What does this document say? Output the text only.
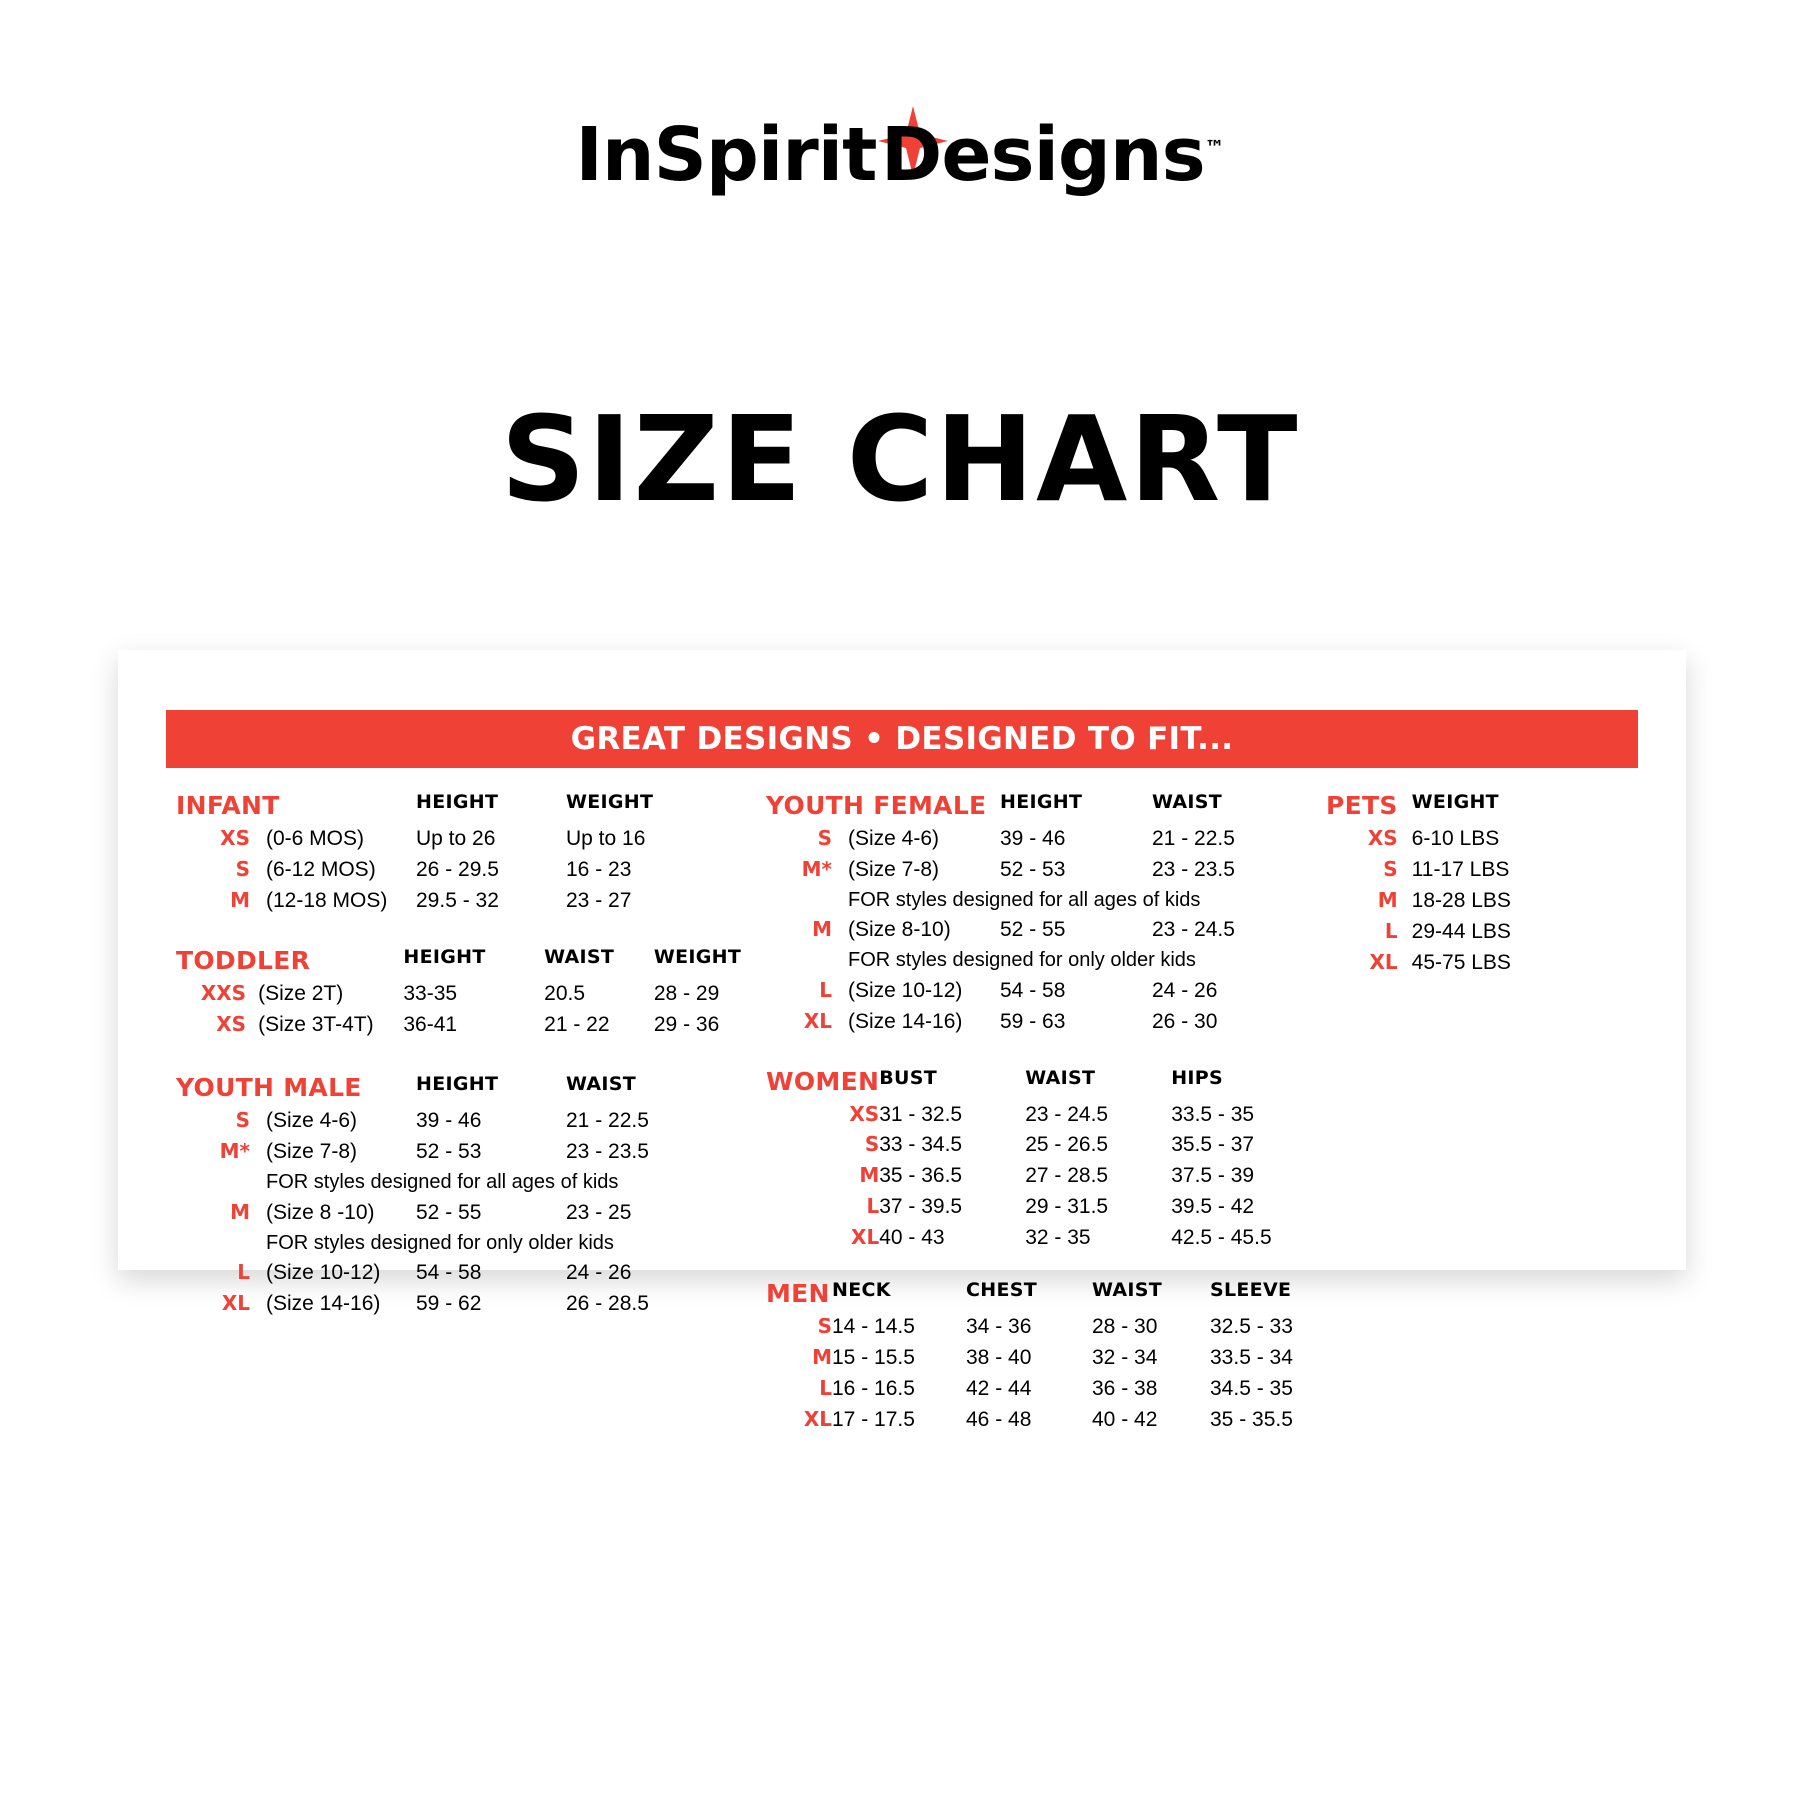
InSpirit
Designs™
SIZE CHART
GREAT DESIGNS • DESIGNED TO FIT...
INFANT		HEIGHT	WEIGHT
XS	(0-6 MOS)	Up to 26	Up to 16
S	(6-12 MOS)	26 - 29.5	16 - 23
M	(12-18 MOS)	29.5 - 32	23 - 27
TODDLER		HEIGHT	WAIST	WEIGHT
XXS	(Size 2T)	33-35	20.5	28 - 29
XS	(Size 3T-4T)	36-41	21 - 22	29 - 36
YOUTH MALE		HEIGHT	WAIST
S	(Size 4-6)	39 - 46	21 - 22.5
M*	(Size 7-8)	52 - 53	23 - 23.5
	FOR styles designed for all ages of kids		
M	(Size 8 -10)	52 - 55	23 - 25
	FOR styles designed for only older kids		
L	(Size 10-12)	54 - 58	24 - 26
XL	(Size 14-16)	59 - 62	26 - 28.5
YOUTH FEMALE		HEIGHT	WAIST
S	(Size 4-6)	39 - 46	21 - 22.5
M*	(Size 7-8)	52 - 53	23 - 23.5
	FOR styles designed for all ages of kids		
M	(Size 8-10)	52 - 55	23 - 24.5
	FOR styles designed for only older kids		
L	(Size 10-12)	54 - 58	24 - 26
XL	(Size 14-16)	59 - 63	26 - 30
WOMEN	BUST	WAIST	HIPS
XS	31 - 32.5	23 - 24.5	33.5 - 35
S	33 - 34.5	25 - 26.5	35.5 - 37
M	35 - 36.5	27 - 28.5	37.5 - 39
L	37 - 39.5	29 - 31.5	39.5 - 42
XL	40 - 43	32 - 35	42.5 - 45.5
MEN	NECK	CHEST	WAIST	SLEEVE
S	14 - 14.5	34 - 36	28 - 30	32.5 - 33
M	15 - 15.5	38 - 40	32 - 34	33.5 - 34
L	16 - 16.5	42 - 44	36 - 38	34.5 - 35
XL	17 - 17.5	46 - 48	40 - 42	35 - 35.5
PETS	WEIGHT
XS	6-10 LBS
S	11-17 LBS
M	18-28 LBS
L	29-44 LBS
XL	45-75 LBS
